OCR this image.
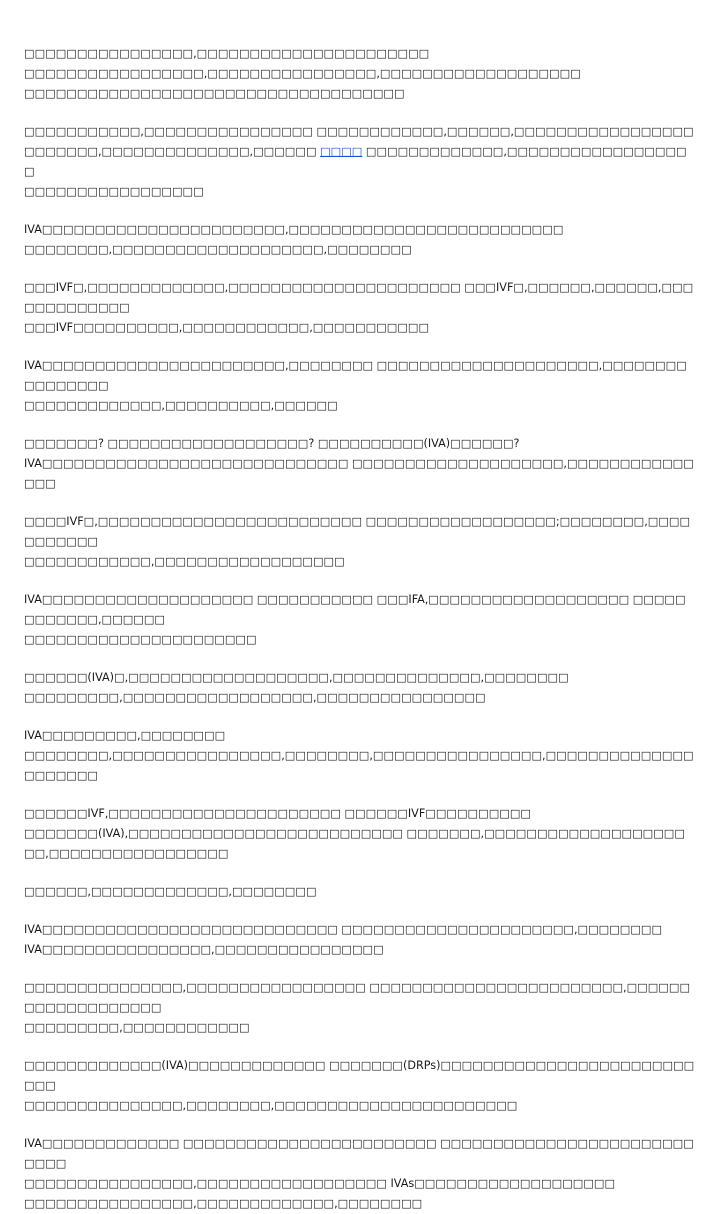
□□□□□□□□□□□□□□□□,□□□□□□□□□□□□□□□□□□□□□□
□□□□□□□□□□□□□□□□□,□□□□□□□□□□□□□□□□,□□□□□□□□□□□□□□□□□□□
□□□□□□□□□□□□□□□□□□□□□□□□□□□□□□□□□□□□
□□□□□□□□□□□,□□□□□□□□□□□□□□□□ □□□□□□□□□□□□,□□□□□□,□□□□□□□□□□□□□□□□□
□□□□□□□,□□□□□□□□□□□□□□,□□□□□□ □□□□ □□□□□□□□□□□□□,□□□□□□□□□□□□□□□□□□
□□□□□□□□□□□□□□□□□
IVA□□□□□□□□□□□□□□□□□□□□□□□,□□□□□□□□□□□□□□□□□□□□□□□□□□
□□□□□□□□,□□□□□□□□□□□□□□□□□□□□,□□□□□□□□
□□□IVF□,□□□□□□□□□□□□□,□□□□□□□□□□□□□□□□□□□□□□ □□□IVF□,□□□□□□,□□□□□□,□□□□□□□□□□□□□
□□□IVF□□□□□□□□□□,□□□□□□□□□□□□,□□□□□□□□□□□
IVA□□□□□□□□□□□□□□□□□□□□□□□,□□□□□□□□ □□□□□□□□□□□□□□□□□□□□□,□□□□□□□□□□□□□□□□
□□□□□□□□□□□□□,□□□□□□□□□□,□□□□□□
□□□□□□□? □□□□□□□□□□□□□□□□□□□? □□□□□□□□□□(IVA)□□□□□□?
IVA□□□□□□□□□□□□□□□□□□□□□□□□□□□□□ □□□□□□□□□□□□□□□□□□□□,□□□□□□□□□□□□□□□
□□□□IVF□,□□□□□□□□□□□□□□□□□□□□□□□□□ □□□□□□□□□□□□□□□□□□;□□□□□□□□,□□□□□□□□□□□
□□□□□□□□□□□□,□□□□□□□□□□□□□□□□□□
IVA□□□□□□□□□□□□□□□□□□□□ □□□□□□□□□□□ □□□IFA,□□□□□□□□□□□□□□□□□□□ □□□□□□□□□□□□,□□□□□□
□□□□□□□□□□□□□□□□□□□□□□
□□□□□□(IVA)□,□□□□□□□□□□□□□□□□□□□,□□□□□□□□□□□□□□,□□□□□□□□
□□□□□□□□□,□□□□□□□□□□□□□□□□□□,□□□□□□□□□□□□□□□□
IVA□□□□□□□□□,□□□□□□□□
□□□□□□□□,□□□□□□□□□□□□□□□□,□□□□□□□□,□□□□□□□□□□□□□□□□,□□□□□□□□□□□□□□□□□□□□□
□□□□□□IVF,□□□□□□□□□□□□□□□□□□□□□□ □□□□□□IVF□□□□□□□□□□
□□□□□□□(IVA),□□□□□□□□□□□□□□□□□□□□□□□□□□ □□□□□□□,□□□□□□□□□□□□□□□□□□□
□□,□□□□□□□□□□□□□□□□□
□□□□□□,□□□□□□□□□□□□□,□□□□□□□□
IVA□□□□□□□□□□□□□□□□□□□□□□□□□□□□ □□□□□□□□□□□□□□□□□□□□□□,□□□□□□□□
IVA□□□□□□□□□□□□□□□□,□□□□□□□□□□□□□□□□
□□□□□□□□□□□□□□□,□□□□□□□□□□□□□□□□□ □□□□□□□□□□□□□□□□□□□□□□□□,□□□□□□□□□□□□□□□□□□□
□□□□□□□□□,□□□□□□□□□□□□
□□□□□□□□□□□□□(IVA)□□□□□□□□□□□□□ □□□□□□□(DRPs)□□□□□□□□□□□□□□□□□□□□□□□□□□□
□□□□□□□□□□□□□□□,□□□□□□□□,□□□□□□□□□□□□□□□□□□□□□□□
IVA□□□□□□□□□□□□□ □□□□□□□□□□□□□□□□□□□□□□□□ □□□□□□□□□□□□□□□□□□□□□□□□□□□□
□□□□□□□□□□□□□□□□,□□□□□□□□□□□□□□□□□□ IVAs□□□□□□□□□□□□□□□□□□□
□□□□□□□□□□□□□□□□,□□□□□□□□□□□□□,□□□□□□□□
